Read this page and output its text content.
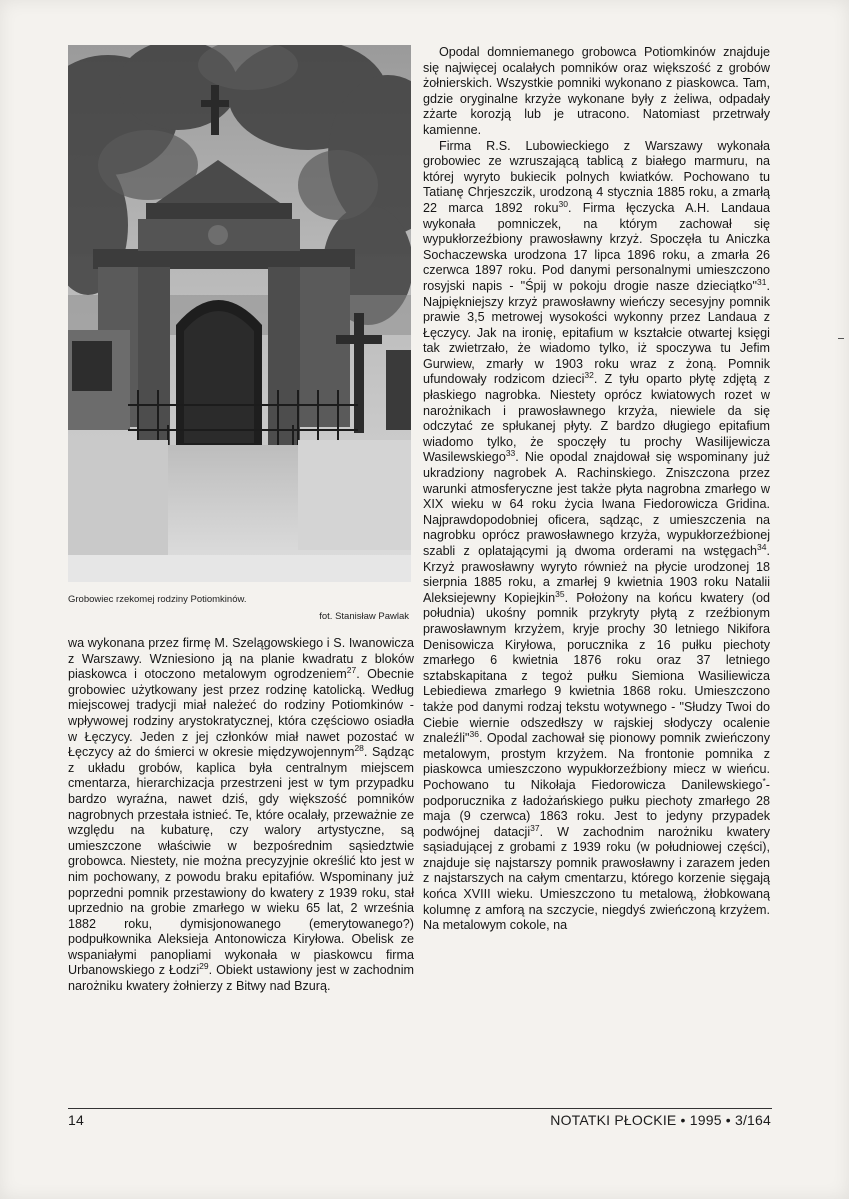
Grobowiec rzekomej rodziny Potiomkinów.
fot. Stanisław Pawlak

wa wykonana przez firmę M. Szelągowskiego i S. Iwanowicza z Warszawy. Wzniesiono ją na planie kwadratu z bloków piaskowca i otoczono metalowym ogrodzeniem$^{27}$. Obecnie grobowiec użytkowany jest przez rodzinę katolicką. Według miejscowej tradycji miał należeć do rodziny Potiomkinów - wpływowej rodziny arystokratycznej, która częściowo osiadła w Łęczycy. Jeden z jej członków miał nawet pozostać w Łęczycy aż do śmierci w okresie międzywojennym$^{28}$. Sądząc z układu grobów, kaplica była centralnym miejscem cmentarza, hierarchizacja przestrzeni jest w tym przypadku bardzo wyraźna, nawet dziś, gdy większość pomników nagrobnych przestała istnieć. Te, które ocalały, przeważnie ze względu na kubaturę, czy walory artystyczne, są umieszczone właściwie w bezpośrednim sąsiedztwie grobowca. Niestety, nie można precyzyjnie określić kto jest w nim pochowany, z powodu braku epitafiów. Wspominany już poprzedni pomnik przestawiony do kwatery z 1939 roku, stał uprzednio na grobie zmarłego w wieku 65 lat, 2 września 1882 roku, dymisjonowanego (emerytowanego?) podpułkownika Aleksieja Antonowicza Kiryłowa. Obelisk ze wspaniałymi panopliami wykonała w piaskowcu firma Urbanowskiego z Łodzi$^{29}$. Obiekt ustawiony jest w zachodnim narożniku kwatery żołnierzy z Bitwy nad Bzurą.

Opodal domniemanego grobowca Potiomkinów znajduje się najwięcej ocalałych pomników oraz większość z grobów żołnierskich. Wszystkie pomniki wykonano z piaskowca. Tam, gdzie oryginalne krzyże wykonane były z żeliwa, odpadały zżarte korozją lub je utracono. Natomiast przetrwały kamienne.

Firma R.S. Lubowieckiego z Warszawy wykonała grobowiec ze wzruszającą tablicą z białego marmuru, na której wyryto bukiecik polnych kwiatków. Pochowano tu Tatianę Chrjeszczik, urodzoną 4 stycznia 1885 roku, a zmarłą 22 marca 1892 roku$^{30}$. Firma łęczycka A.H. Landaua wykonała pomniczek, na którym zachował się wypukłorzeźbiony prawosławny krzyż. Spoczęła tu Aniczka Sochaczewska urodzona 17 lipca 1896 roku, a zmarła 26 czerwca 1897 roku. Pod danymi personalnymi umieszczono rosyjski napis - "Śpij w pokoju drogie nasze dzieciątko"$^{31}$. Najpiękniejszy krzyż prawosławny wieńczy secesyjny pomnik prawie 3,5 metrowej wysokości wykonny przez Landaua z Łęczycy. Jak na ironię, epitafium w kształcie otwartej księgi tak zwietrzało, że wiadomo tylko, iż spoczywa tu Jefim Gurwiew, zmarły w 1903 roku wraz z żoną. Pomnik ufundowały rodzicom dzieci$^{32}$. Z tyłu oparto płytę zdjętą z płaskiego nagrobka. Niestety oprócz kwiatowych rozet w narożnikach i prawosławnego krzyża, niewiele da się odczytać ze spłukanej płyty. Z bardzo długiego epitafium wiadomo tylko, że spoczęły tu prochy Wasilijewicza Wasilewskiego$^{33}$. Nie opodal znajdował się wspominany już ukradziony nagrobek A. Rachinskiego. Zniszczona przez warunki atmosferyczne jest także płyta nagrobna zmarłego w XIX wieku w 64 roku życia Iwana Fiedorowicza Gridina. Najprawdopodobniej oficera, sądząc, z umieszczenia na nagrobku oprócz prawosławnego krzyża, wypukłorzeźbionej szabli z oplatającymi ją dwoma orderami na wstęgach$^{34}$. Krzyż prawosławny wyryto również na płycie urodzonej 18 sierpnia 1885 roku, a zmarłej 9 kwietnia 1903 roku Natalii Aleksiejewny Kopiejkin$^{35}$. Położony na końcu kwatery (od południa) ukośny pomnik przykryty płytą z rzeźbionym prawosławnym krzyżem, kryje prochy 30 letniego Nikifora Denisowicza Kiryłowa, porucznika z 16 pułku piechoty zmarłego 6 kwietnia 1876 roku oraz 37 letniego sztabskapitana z tegoż pułku Siemiona Wasiliewicza Lebiediewa zmarłego 9 kwietnia 1868 roku. Umieszczono także pod danymi rodzaj tekstu wotywnego - "Słudzy Twoi do Ciebie wiernie odszedłszy w rajskiej słodyczy ocalenie znaleźli"$^{36}$. Opodal zachował się pionowy pomnik zwieńczony metalowym, prostym krzyżem. Na frontonie pomnika z piaskowca umieszczono wypukłorzeźbiony miecz w wieńcu. Pochowano tu Nikołaja Fiedorowicza Danilewskiego*- podporucznika z ładożańskiego pułku piechoty zmarłego 28 maja (9 czerwca) 1863 roku. Jest to jedyny przypadek podwójnej datacji$^{37}$. W zachodnim narożniku kwatery sąsiadującej z grobami z 1939 roku (w południowej części), znajduje się najstarszy pomnik prawosławny i zarazem jeden z najstarszych na całym cmentarzu, którego korzenie sięgają końca XVIII wieku. Umieszczono tu metalową, żłobkowaną kolumnę z amforą na szczycie, niegdyś zwieńczoną krzyżem. Na metalowym cokole, na

14	NOTATKI PŁOCKIE • 1995 • 3/164
